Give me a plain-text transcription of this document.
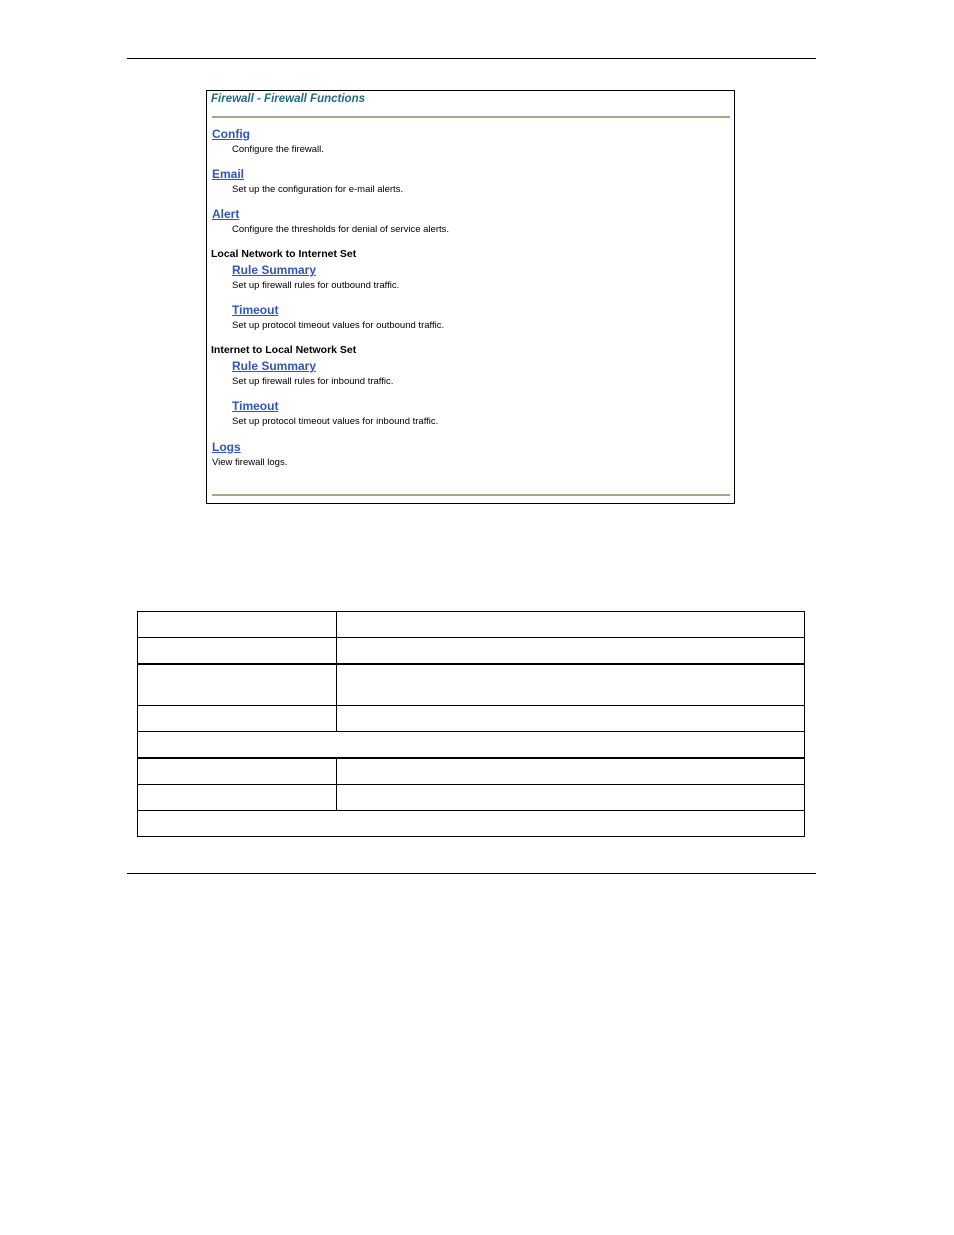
Firewall - Firewall Functions
Config
Configure the firewall.
Email
Set up the configuration for e-mail alerts.
Alert
Configure the thresholds for denial of service alerts.
Local Network to Internet Set
Rule Summary
Set up firewall rules for outbound traffic.
Timeout
Set up protocol timeout values for outbound traffic.
Internet to Local Network Set
Rule Summary
Set up firewall rules for inbound traffic.
Timeout
Set up protocol timeout values for inbound traffic.
Logs
View firewall logs.
